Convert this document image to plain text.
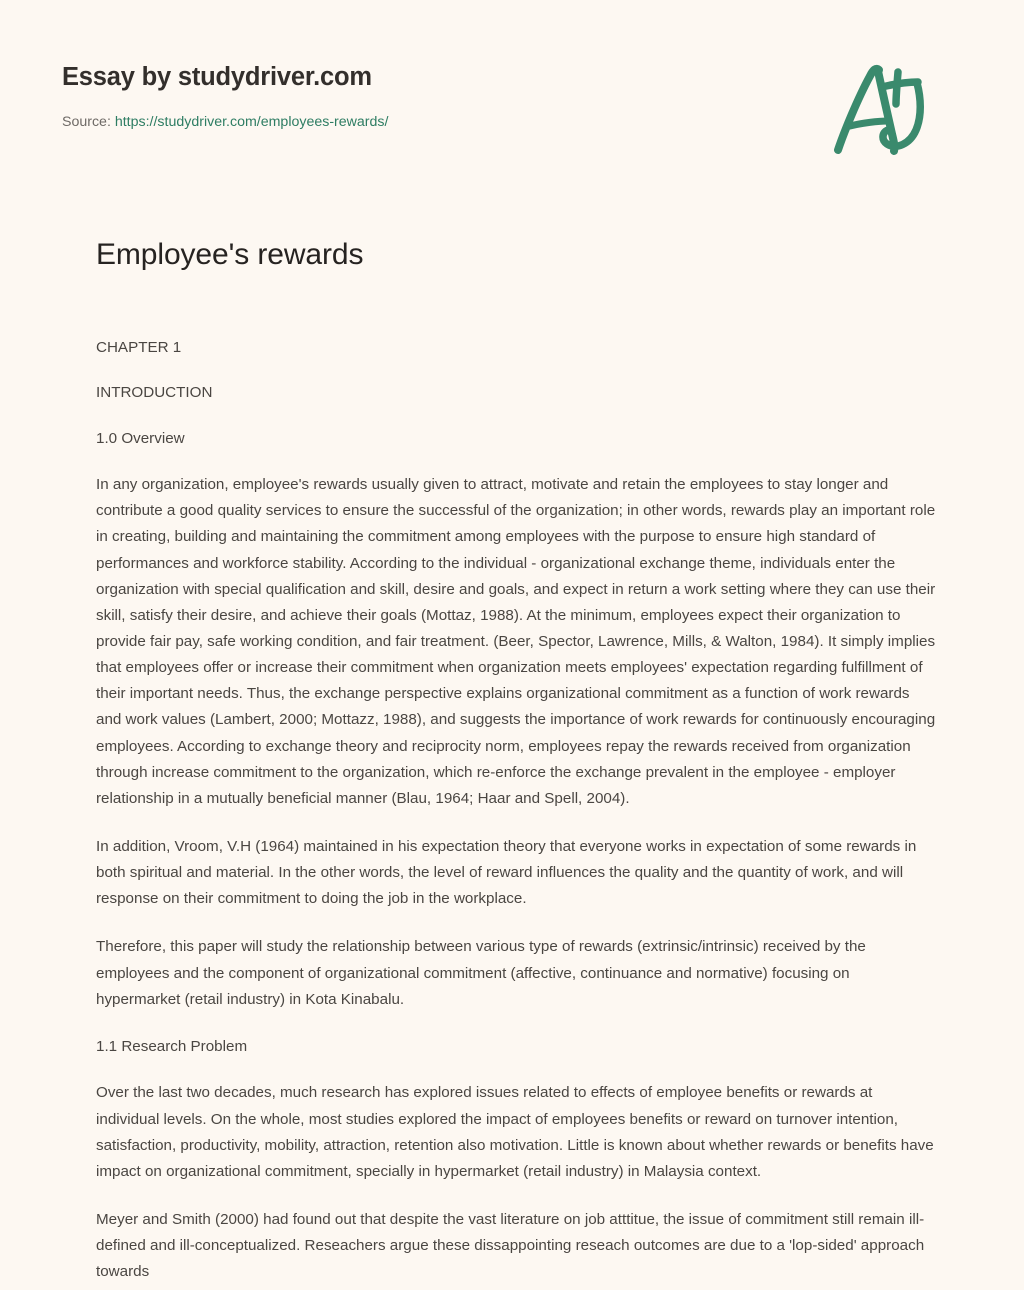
Essay by studydriver.com
Source: https://studydriver.com/employees-rewards/
Employee's rewards

CHAPTER 1

INTRODUCTION

1.0 Overview

In any organization, employee's rewards usually given to attract, motivate and retain the employees to stay longer and contribute a good quality services to ensure the successful of the organization; in other words, rewards play an important role in creating, building and maintaining the commitment among employees with the purpose to ensure high standard of performances and workforce stability. According to the individual - organizational exchange theme, individuals enter the organization with special qualification and skill, desire and goals, and expect in return a work setting where they can use their skill, satisfy their desire, and achieve their goals (Mottaz, 1988). At the minimum, employees expect their organization to provide fair pay, safe working condition, and fair treatment. (Beer, Spector, Lawrence, Mills, & Walton, 1984). It simply implies that employees offer or increase their commitment when organization meets employees' expectation regarding fulfillment of their important needs. Thus, the exchange perspective explains organizational commitment as a function of work rewards and work values (Lambert, 2000; Mottazz, 1988), and suggests the importance of work rewards for continuously encouraging employees. According to exchange theory and reciprocity norm, employees repay the rewards received from organization through increase commitment to the organization, which re-enforce the exchange prevalent in the employee - employer relationship in a mutually beneficial manner (Blau, 1964; Haar and Spell, 2004).

In addition, Vroom, V.H (1964) maintained in his expectation theory that everyone works in expectation of some rewards in both spiritual and material. In the other words, the level of reward influences the quality and the quantity of work, and will response on their commitment to doing the job in the workplace.

Therefore, this paper will study the relationship between various type of rewards (extrinsic/intrinsic) received by the employees and the component of organizational commitment (affective, continuance and normative) focusing on hypermarket (retail industry) in Kota Kinabalu.

1.1 Research Problem

Over the last two decades, much research has explored issues related to effects of employee benefits or rewards at individual levels. On the whole, most studies explored the impact of employees benefits or reward on turnover intention, satisfaction, productivity, mobility, attraction, retention also motivation. Little is known about whether rewards or benefits have impact on organizational commitment, specially in hypermarket (retail industry) in Malaysia context.

Meyer and Smith (2000) had found out that despite the vast literature on job atttitue, the issue of commitment still remain ill-defined and ill-conceptualized. Reseachers argue these dissappointing reseach outcomes are due to a 'lop-sided' approach towards
